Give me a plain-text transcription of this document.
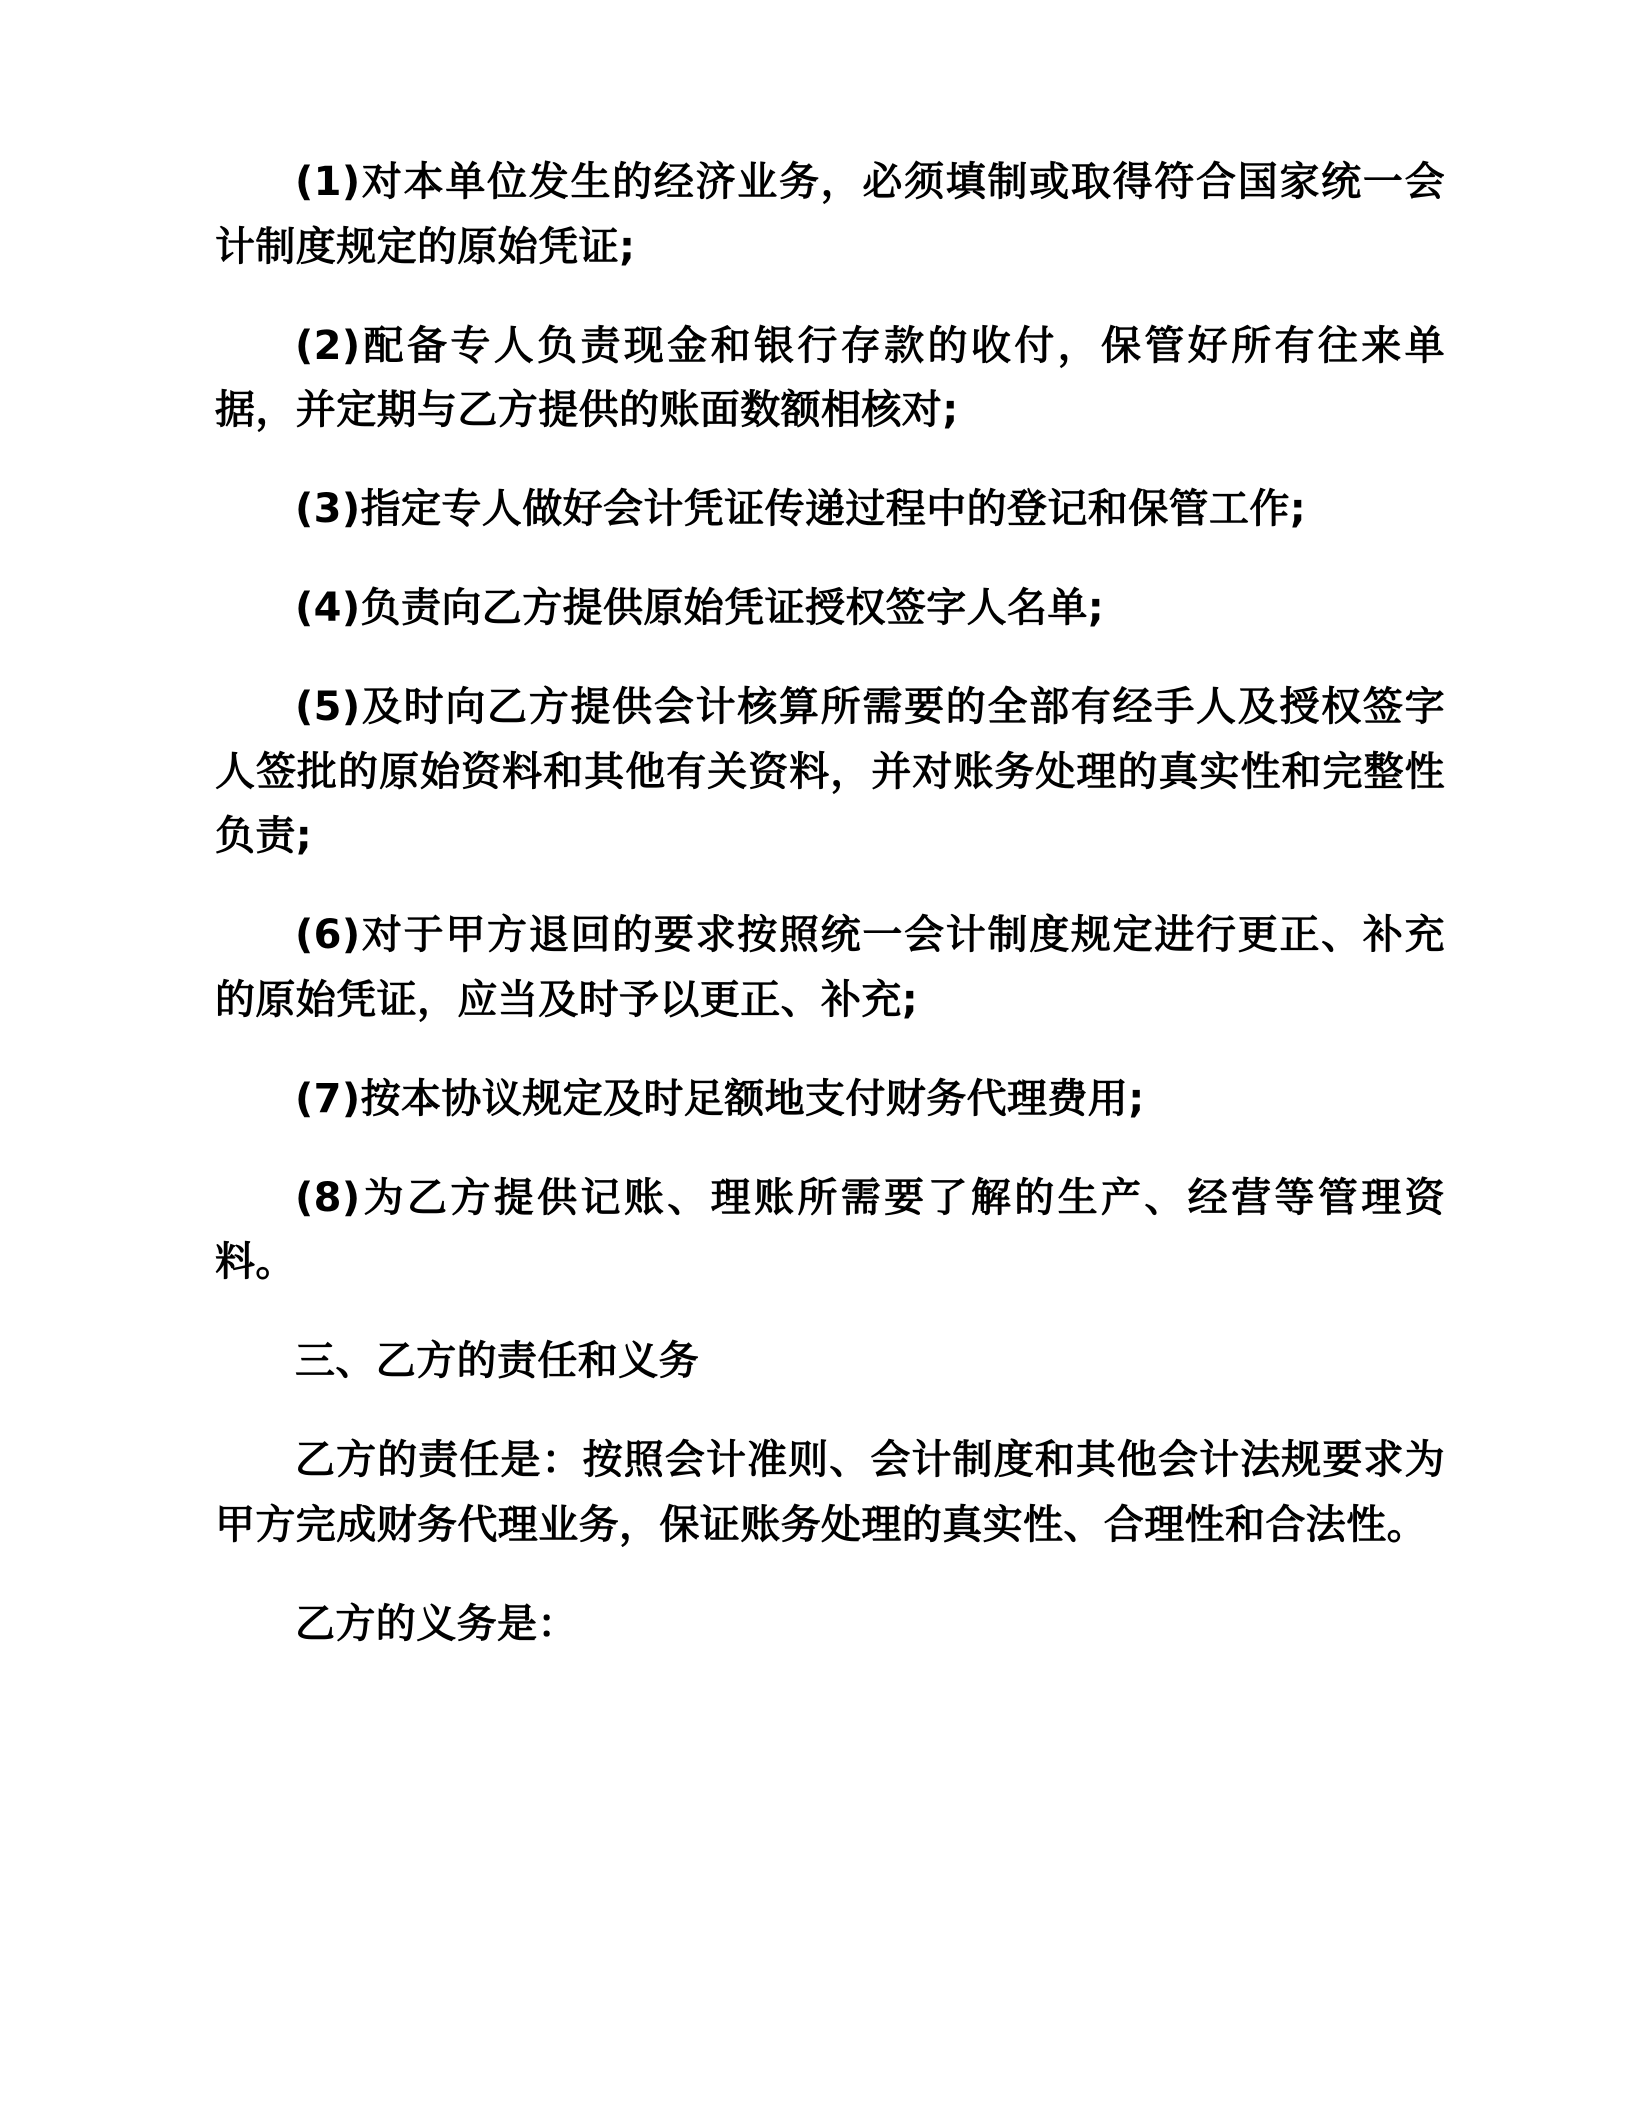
(1)对本单位发生的经济业务，必须填制或取得符合国家统一会计制度规定的原始凭证;

(2)配备专人负责现金和银行存款的收付，保管好所有往来单据，并定期与乙方提供的账面数额相核对;

(3)指定专人做好会计凭证传递过程中的登记和保管工作;

(4)负责向乙方提供原始凭证授权签字人名单;

(5)及时向乙方提供会计核算所需要的全部有经手人及授权签字人签批的原始资料和其他有关资料，并对账务处理的真实性和完整性负责;

(6)对于甲方退回的要求按照统一会计制度规定进行更正、补充的原始凭证，应当及时予以更正、补充;

(7)按本协议规定及时足额地支付财务代理费用;

(8)为乙方提供记账、理账所需要了解的生产、经营等管理资料。

三、乙方的责任和义务

乙方的责任是：按照会计准则、会计制度和其他会计法规要求为甲方完成财务代理业务，保证账务处理的真实性、合理性和合法性。

乙方的义务是：
